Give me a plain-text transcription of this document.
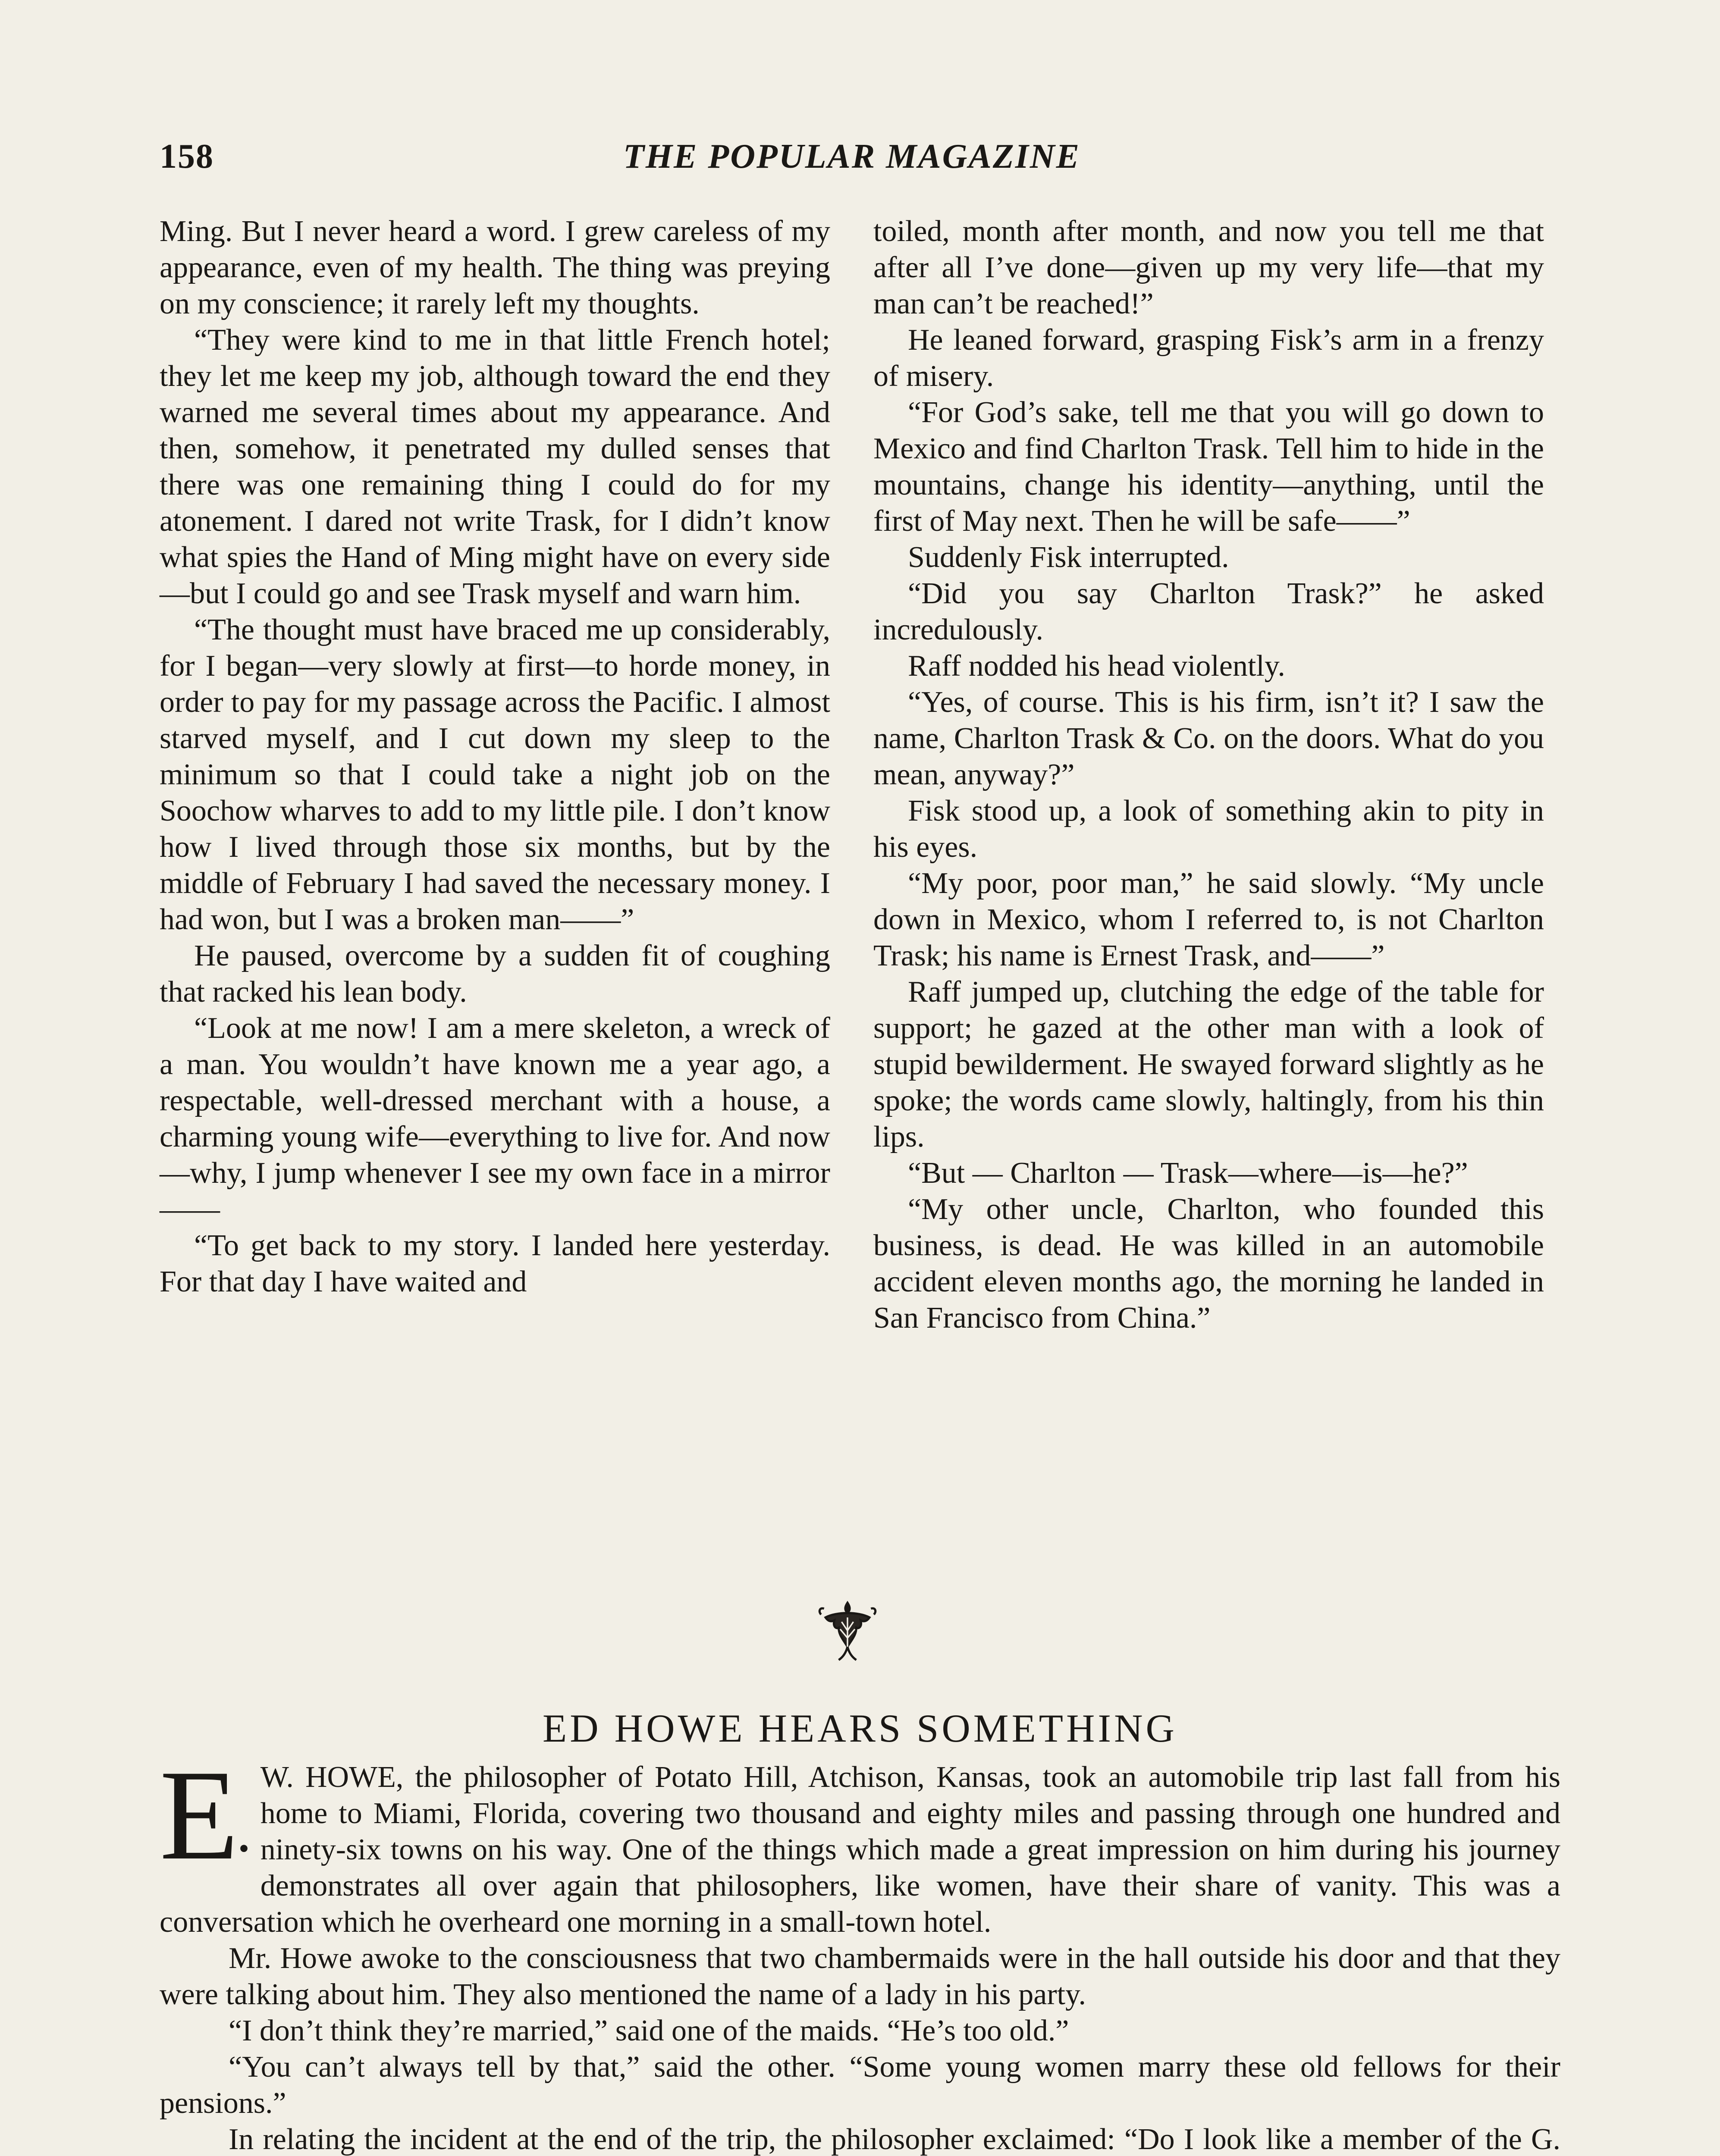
158	THE POPULAR MAGAZINE

Ming. But I never heard a word. I grew careless of my appearance, even of my health. The thing was preying on my conscience; it rarely left my thoughts.

“They were kind to me in that little French hotel; they let me keep my job, although toward the end they warned me several times about my appearance. And then, somehow, it penetrated my dulled senses that there was one remaining thing I could do for my atonement. I dared not write Trask, for I didn’t know what spies the Hand of Ming might have on every side—but I could go and see Trask myself and warn him.

“The thought must have braced me up considerably, for I began—very slowly at first—to horde money, in order to pay for my passage across the Pacific. I almost starved myself, and I cut down my sleep to the minimum so that I could take a night job on the Soochow wharves to add to my little pile. I don’t know how I lived through those six months, but by the middle of February I had saved the necessary money. I had won, but I was a broken man——”

He paused, overcome by a sudden fit of coughing that racked his lean body.

“Look at me now! I am a mere skeleton, a wreck of a man. You wouldn’t have known me a year ago, a respectable, well-dressed merchant with a house, a charming young wife—everything to live for. And now—why, I jump whenever I see my own face in a mirror——

“To get back to my story. I landed here yesterday. For that day I have waited and

toiled, month after month, and now you tell me that after all I’ve done—given up my very life—that my man can’t be reached!”

He leaned forward, grasping Fisk’s arm in a frenzy of misery.

“For God’s sake, tell me that you will go down to Mexico and find Charlton Trask. Tell him to hide in the mountains, change his identity—anything, until the first of May next. Then he will be safe——”

Suddenly Fisk interrupted.

“Did you say Charlton Trask?” he asked incredulously.

Raff nodded his head violently.

“Yes, of course. This is his firm, isn’t it? I saw the name, Charlton Trask & Co. on the doors. What do you mean, anyway?”

Fisk stood up, a look of something akin to pity in his eyes.

“My poor, poor man,” he said slowly. “My uncle down in Mexico, whom I referred to, is not Charlton Trask; his name is Ernest Trask, and——”

Raff jumped up, clutching the edge of the table for support; he gazed at the other man with a look of stupid bewilderment. He swayed forward slightly as he spoke; the words came slowly, haltingly, from his thin lips.

“But — Charlton — Trask—where—is—he?”

“My other uncle, Charlton, who founded this business, is dead. He was killed in an automobile accident eleven months ago, the morning he landed in San Francisco from China.”

ED HOWE HEARS SOMETHING

E•
W. HOWE, the philosopher of Potato Hill, Atchison, Kansas, took an automobile trip last fall from his home to Miami, Florida, covering two thousand and eighty miles and passing through one hundred and ninety-six towns on his way. One of the things which made a great impression on him during his journey demonstrates all over again that philosophers, like women, have their share of vanity. This was a conversation which he overheard one morning in a small-town hotel.

Mr. Howe awoke to the consciousness that two chambermaids were in the hall outside his door and that they were talking about him. They also mentioned the name of a lady in his party.

“I don’t think they’re married,” said one of the maids. “He’s too old.”

“You can’t always tell by that,” said the other. “Some young women marry these old fellows for their pensions.”

In relating the incident at the end of the trip, the philosopher exclaimed: “Do I look like a member of the G.
